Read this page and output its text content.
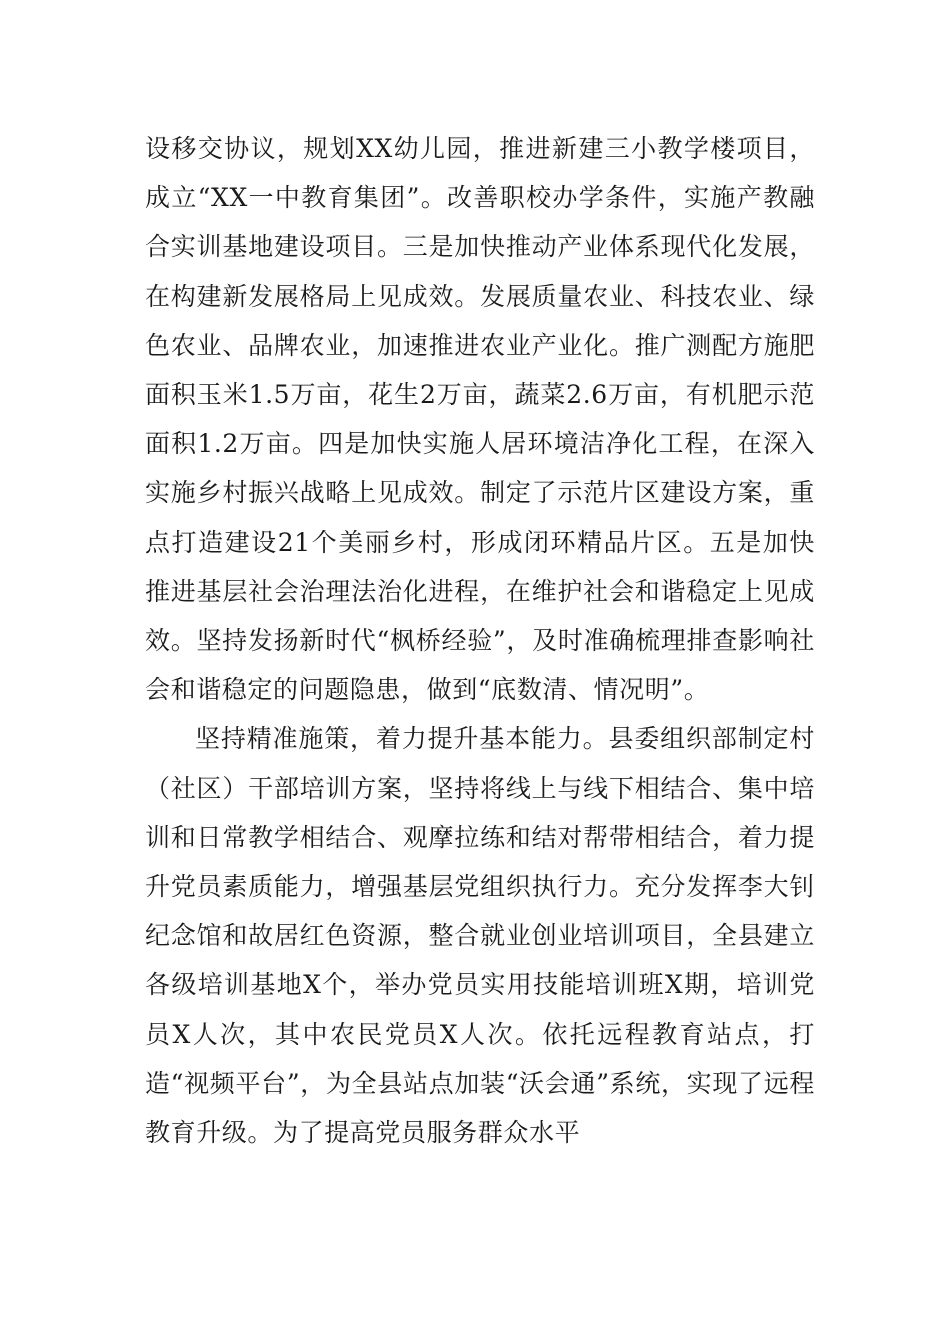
设移交协议，规划XX幼儿园，推进新建三小教学楼项目，成立“XX一中教育集团”。改善职校办学条件，实施产教融合实训基地建设项目。三是加快推动产业体系现代化发展，在构建新发展格局上见成效。发展质量农业、科技农业、绿色农业、品牌农业，加速推进农业产业化。推广测配方施肥面积玉米1.5万亩，花生2万亩，蔬菜2.6万亩，有机肥示范面积1.2万亩。四是加快实施人居环境洁净化工程，在深入实施乡村振兴战略上见成效。制定了示范片区建设方案，重点打造建设21个美丽乡村，形成闭环精品片区。五是加快推进基层社会治理法治化进程，在维护社会和谐稳定上见成效。坚持发扬新时代“枫桥经验”，及时准确梳理排查影响社会和谐稳定的问题隐患，做到“底数清、情况明”。

坚持精准施策，着力提升基本能力。县委组织部制定村（社区）干部培训方案，坚持将线上与线下相结合、集中培训和日常教学相结合、观摩拉练和结对帮带相结合，着力提升党员素质能力，增强基层党组织执行力。充分发挥李大钊纪念馆和故居红色资源，整合就业创业培训项目，全县建立各级培训基地X个，举办党员实用技能培训班X期，培训党员X人次，其中农民党员X人次。依托远程教育站点，打造“视频平台”，为全县站点加装“沃会通”系统，实现了远程教育升级。为了提高党员服务群众水平
